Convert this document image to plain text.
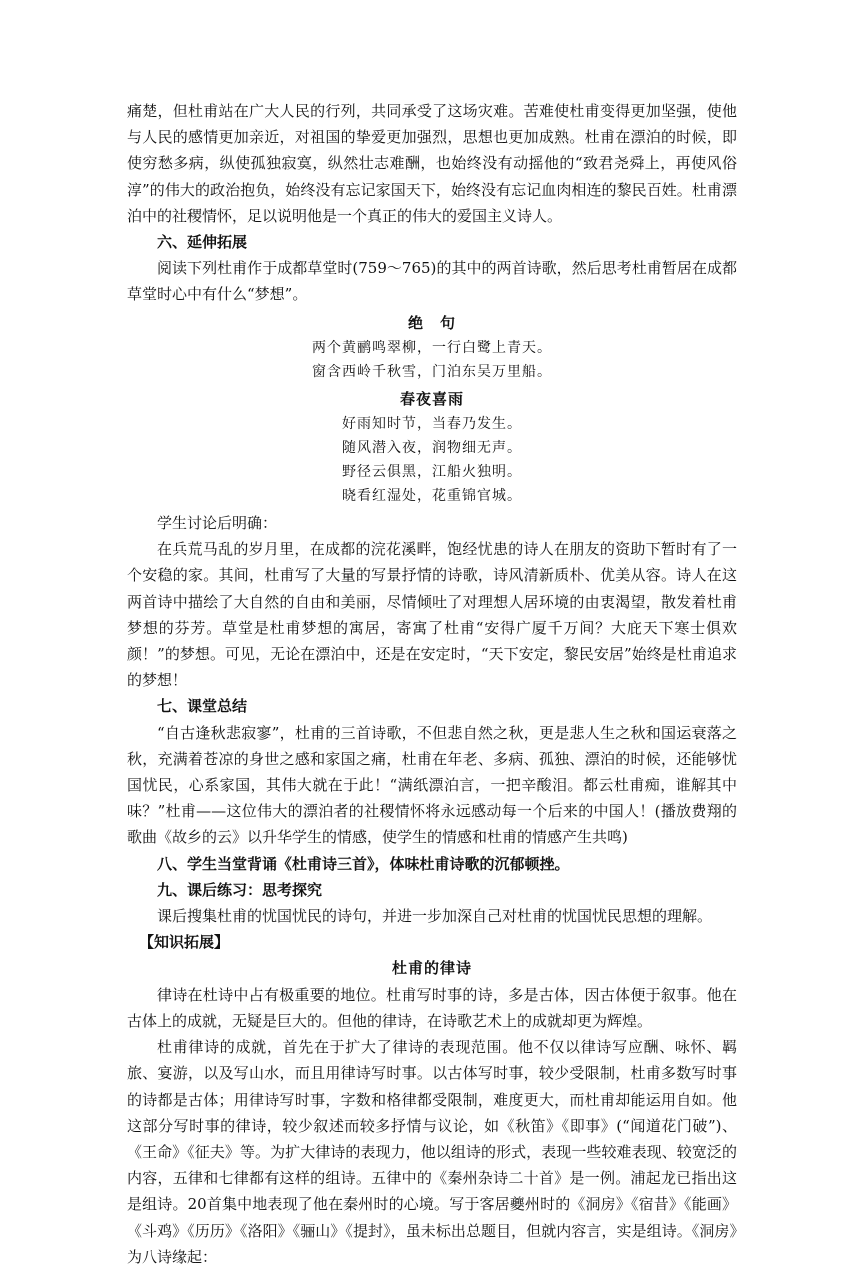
痛楚，但杜甫站在广大人民的行列，共同承受了这场灾难。苦难使杜甫变得更加坚强，使他与人民的感情更加亲近，对祖国的挚爱更加强烈，思想也更加成熟。杜甫在漂泊的时候，即使穷愁多病，纵使孤独寂寞，纵然壮志难酬，也始终没有动摇他的“致君尧舜上，再使风俗淳”的伟大的政治抱负，始终没有忘记家国天下，始终没有忘记血肉相连的黎民百姓。杜甫漂泊中的社稷情怀，足以说明他是一个真正的伟大的爱国主义诗人。

六、延伸拓展

阅读下列杜甫作于成都草堂时(759～765)的其中的两首诗歌，然后思考杜甫暂居在成都草堂时心中有什么“梦想”。

绝　句

两个黄鹂鸣翠柳，一行白鹭上青天。

窗含西岭千秋雪，门泊东吴万里船。

春夜喜雨

好雨知时节，当春乃发生。

随风潜入夜，润物细无声。

野径云俱黑，江船火独明。

晓看红湿处，花重锦官城。

学生讨论后明确：

在兵荒马乱的岁月里，在成都的浣花溪畔，饱经忧患的诗人在朋友的资助下暂时有了一个安稳的家。其间，杜甫写了大量的写景抒情的诗歌，诗风清新质朴、优美从容。诗人在这两首诗中描绘了大自然的自由和美丽，尽情倾吐了对理想人居环境的由衷渴望，散发着杜甫梦想的芬芳。草堂是杜甫梦想的寓居，寄寓了杜甫“安得广厦千万间？大庇天下寒士俱欢颜！”的梦想。可见，无论在漂泊中，还是在安定时，“天下安定，黎民安居”始终是杜甫追求的梦想！

七、课堂总结

“自古逢秋悲寂寥”，杜甫的三首诗歌，不但悲自然之秋，更是悲人生之秋和国运衰落之秋，充满着苍凉的身世之感和家国之痛，杜甫在年老、多病、孤独、漂泊的时候，还能够忧国忧民，心系家国，其伟大就在于此！“满纸漂泊言，一把辛酸泪。都云杜甫痴，谁解其中味？”杜甫——这位伟大的漂泊者的社稷情怀将永远感动每一个后来的中国人！(播放费翔的歌曲《故乡的云》以升华学生的情感，使学生的情感和杜甫的情感产生共鸣)

八、学生当堂背诵《杜甫诗三首》，体味杜甫诗歌的沉郁顿挫。

九、课后练习：思考探究

课后搜集杜甫的忧国忧民的诗句，并进一步加深自己对杜甫的忧国忧民思想的理解。

【知识拓展】

杜甫的律诗

律诗在杜诗中占有极重要的地位。杜甫写时事的诗，多是古体，因古体便于叙事。他在古体上的成就，无疑是巨大的。但他的律诗，在诗歌艺术上的成就却更为辉煌。

杜甫律诗的成就，首先在于扩大了律诗的表现范围。他不仅以律诗写应酬、咏怀、羁旅、宴游，以及写山水，而且用律诗写时事。以古体写时事，较少受限制，杜甫多数写时事的诗都是古体；用律诗写时事，字数和格律都受限制，难度更大，而杜甫却能运用自如。他这部分写时事的律诗，较少叙述而较多抒情与议论，如《秋笛》《即事》(“闻道花门破”)、《王命》《征夫》等。为扩大律诗的表现力，他以组诗的形式，表现一些较难表现、较宽泛的内容，五律和七律都有这样的组诗。五律中的《秦州杂诗二十首》是一例。浦起龙已指出这是组诗。20首集中地表现了他在秦州时的心境。写于客居夔州时的《洞房》《宿昔》《能画》《斗鸡》《历历》《洛阳》《骊山》《提封》，虽未标出总题目，但就内容言，实是组诗。《洞房》为八诗缘起：
